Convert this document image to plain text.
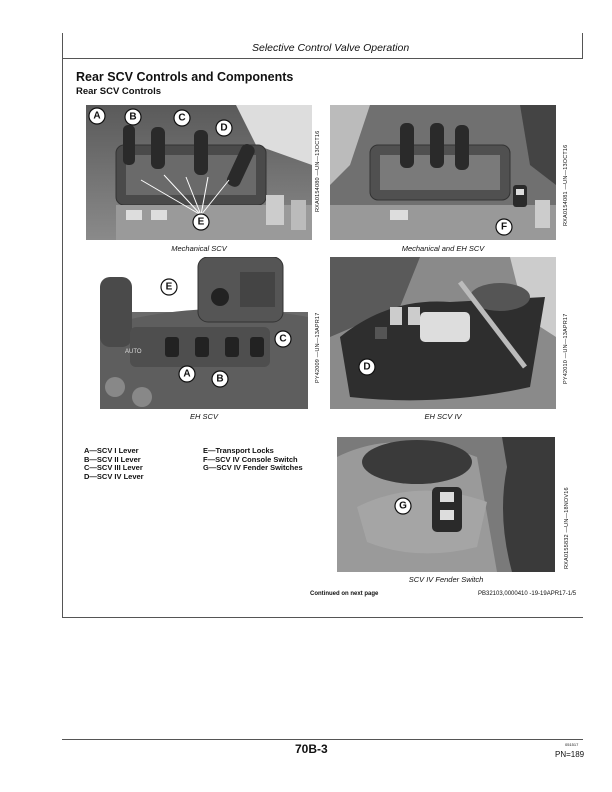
Selective Control Valve Operation
Rear SCV Controls and Components
Rear SCV Controls
A	B	C
D
E
Mechanical SCV
RXA0154080 —UN—13OCT16
F
Mechanical and EH SCV
RXA0154081 —UN—13OCT16
AUTO
E
C
A	B
EH SCV
PY42009 —UN—13APR17	D
EH SCV IV
PY42010 —UN—13APR17
G
SCV IV Fender Switch
RXA0155832 —UN—18NOV16
A—SCV I Lever
B—SCV II Lever
C—SCV III Lever
D—SCV IV Lever
E—Transport Locks
F—SCV IV Console Switch
G—SCV IV Fender Switches
Continued on next page	PB32103,0000410 -19-19APR17-1/5
70B-3	051517
PN=189
